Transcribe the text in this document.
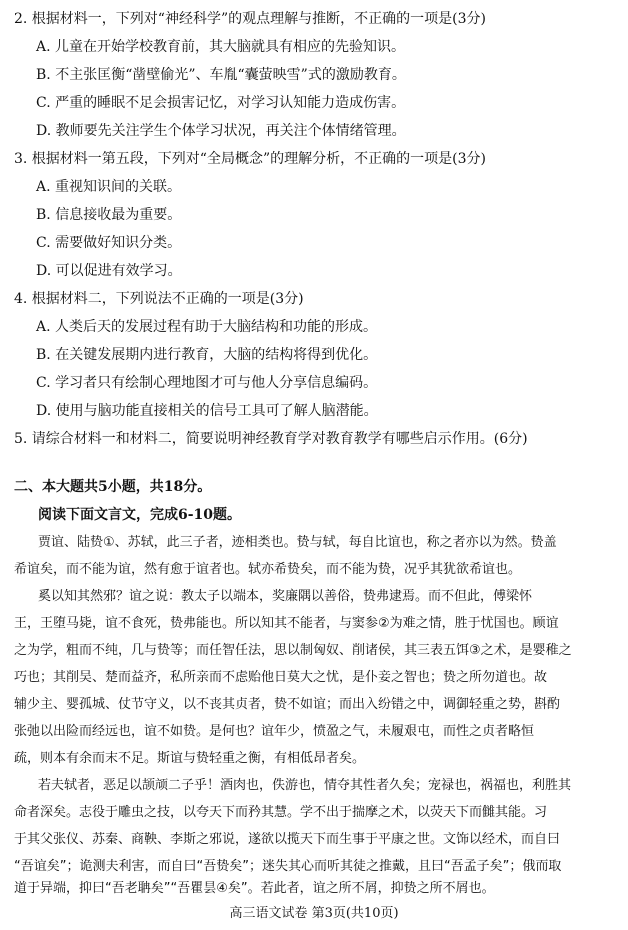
2. 根据材料一，下列对“神经科学”的观点理解与推断，不正确的一项是(3分)
A. 儿童在开始学校教育前，其大脑就具有相应的先验知识。
B. 不主张匡衡“凿壁偷光”、车胤“囊萤映雪”式的激励教育。
C. 严重的睡眠不足会损害记忆，对学习认知能力造成伤害。
D. 教师要先关注学生个体学习状况，再关注个体情绪管理。
3. 根据材料一第五段，下列对“全局概念”的理解分析，不正确的一项是(3分)
A. 重视知识间的关联。
B. 信息接收最为重要。
C. 需要做好知识分类。
D. 可以促进有效学习。
4. 根据材料二，下列说法不正确的一项是(3分)
A. 人类后天的发展过程有助于大脑结构和功能的形成。
B. 在关键发展期内进行教育，大脑的结构将得到优化。
C. 学习者只有绘制心理地图才可与他人分享信息编码。
D. 使用与脑功能直接相关的信号工具可了解人脑潜能。
5. 请综合材料一和材料二，简要说明神经教育学对教育教学有哪些启示作用。(6分)
二、本大题共5小题，共18分。
阅读下面文言文，完成6-10题。
贾谊、陆贽①、苏轼，此三子者，迹相类也。贽与轼，每自比谊也，称之者亦以为然。贽盖
希谊矣，而不能为谊，然有愈于谊者也。轼亦希贽矣，而不能为贽，况乎其犹欲希谊也。
奚以知其然邪？谊之说：教太子以端本，奖廉隅以善俗，贽弗逮焉。而不但此，傅梁怀
王，王堕马毙，谊不食死，贽弗能也。所以知其不能者，与窦参②为难之情，胜于忧国也。顾谊
之为学，粗而不纯，几与贽等；而任智任法，思以制匈奴、削诸侯，其三表五饵③之术，是婴稚之
巧也；其削吴、楚而益齐，私所亲而不虑贻他日莫大之忧，是仆妾之智也；贽之所勿道也。故
辅少主、婴孤城、仗节守义，以不丧其贞者，贽不如谊；而出入纷错之中，调御轻重之势，斟酌
张弛以出险而经远也，谊不如贽。是何也？谊年少，愤盈之气，未履艰屯，而性之贞者略恒
疏，则本有余而末不足。斯谊与贽轻重之衡，有相低昂者矣。
若夫轼者，恶足以颉颃二子乎！酒肉也，佚游也，情夺其性者久矣；宠禄也，祸福也，利胜其
命者深矣。志役于雕虫之技，以夸天下而矜其慧。学不出于揣摩之术，以荧天下而雠其能。习
于其父张仪、苏秦、商鞅、李斯之邪说，遂欲以揽天下而生事于平康之世。文饰以经术，而自曰
“吾谊矣”；诡测夫利害，而自曰“吾贽矣”；迷失其心而听其徒之推戴，且曰“吾孟子矣”；俄而取
道于异端，抑曰“吾老聃矣”“吾瞿昙④矣”。若此者，谊之所不屑，抑贽之所不屑也。
高三语文试卷 第3页(共10页)
